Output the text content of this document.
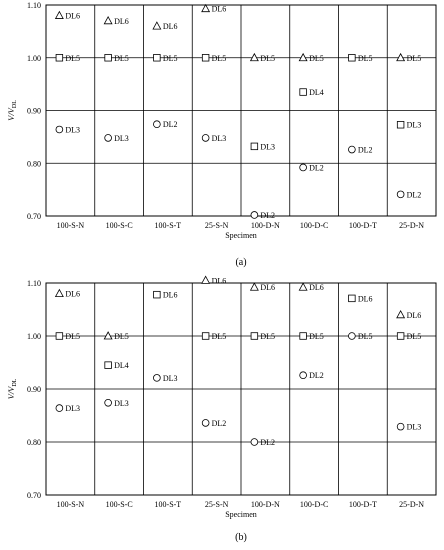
0.70
0.80
0.90
1.00
1.10
100-S-N	100-S-C	100-S-T	25-S-N	100-D-N	100-D-C	100-D-T	25-D-N
Specimen
$V/V_{DL}$
DL6
DL5
DL3
DL6
DL5
DL3
DL6
DL5
DL2
DL6
DL5
DL3
DL5
DL3
DL2
DL5
DL4
DL2
DL5
DL2
DL5
DL3
DL2
(a)
0.70
0.80
0.90
1.00
1.10
100-S-N	100-S-C	100-S-T	25-S-N	100-D-N	100-D-C	100-D-T	25-D-N
Specimen
$V/V_{DL}$
DL6
DL5
DL3
DL5
DL4
DL3
DL6
DL3
DL6
DL5
DL2
DL6
DL5
DL2
DL6
DL5
DL2
DL6
DL5
DL6
DL5
DL3
(b)
